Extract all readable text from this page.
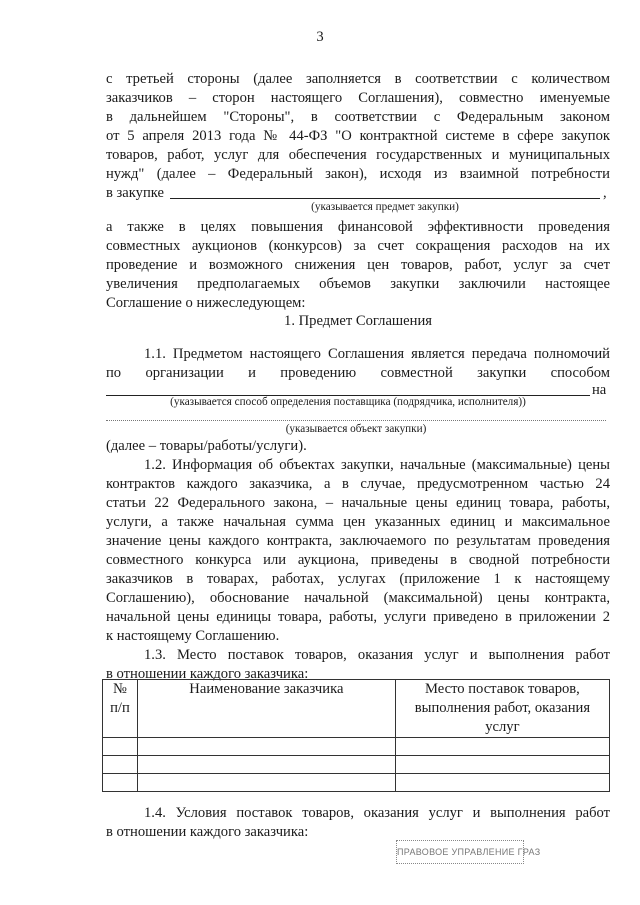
3
с третьей стороны (далее заполняется в соответствии с количеством
заказчиков – сторон настоящего Соглашения), совместно именуемые
в дальнейшем "Стороны", в соответствии с Федеральным законом
от 5 апреля 2013 года № 44-ФЗ "О контрактной системе в сфере закупок
товаров, работ, услуг для обеспечения государственных и муниципальных
нужд" (далее – Федеральный закон), исходя из взаимной потребности
в закупке	,
(указывается предмет закупки)
а также в целях повышения финансовой эффективности проведения
совместных аукционов (конкурсов) за счет сокращения расходов на их
проведение и возможного снижения цен товаров, работ, услуг за счет
увеличения предполагаемых объемов закупки заключили настоящее
Соглашение о нижеследующем:
1. Предмет Соглашения
1.1. Предметом настоящего Соглашения является передача полномочий
по организации и проведению совместной закупки способом
на
(указывается способ определения поставщика (подрядчика, исполнителя))
(указывается объект закупки)
(далее – товары/работы/услуги).
1.2. Информация об объектах закупки, начальные (максимальные) цены
контрактов каждого заказчика, а в случае, предусмотренном частью 24
статьи 22 Федерального закона, – начальные цены единиц товара, работы,
услуги, а также начальная сумма цен указанных единиц и максимальное
значение цены каждого контракта, заключаемого по результатам проведения
совместного конкурса или аукциона, приведены в сводной потребности
заказчиков в товарах, работах, услугах (приложение 1 к настоящему
Соглашению), обоснование начальной (максимальной) цены контракта,
начальной цены единицы товара, работы, услуги приведено в приложении 2
к настоящему Соглашению.
1.3. Место поставок товаров, оказания услуг и выполнения работ
в отношении каждого заказчика:
№
п/п	Наименование заказчика	Место поставок товаров,
выполнения работ, оказания
услуг

1.4. Условия поставок товаров, оказания услуг и выполнения работ
в отношении каждого заказчика:
ПРАВОВОЕ УПРАВЛЕНИЕ ГРАЗ
